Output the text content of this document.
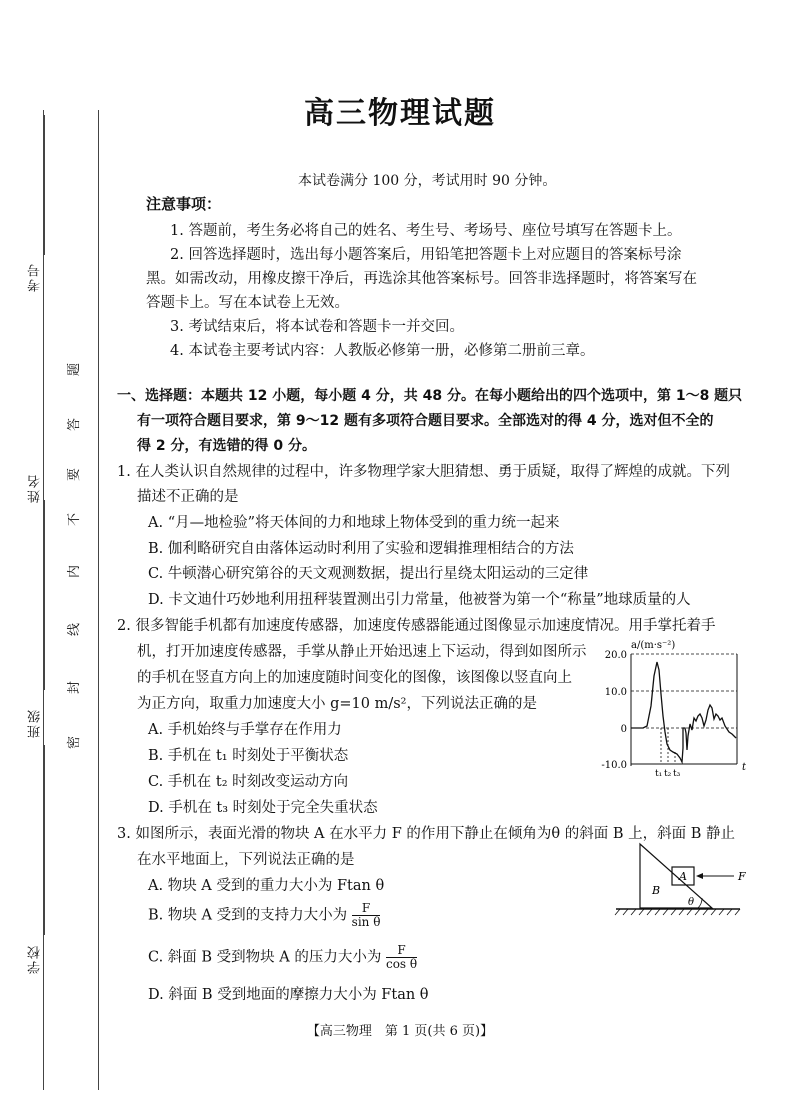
考号
姓名
班级
学校
密
封
线
内
不
要
答
题
高三物理试题
本试卷满分 100 分，考试用时 90 分钟。
注意事项：
1. 答题前，考生务必将自己的姓名、考生号、考场号、座位号填写在答题卡上。
2. 回答选择题时，选出每小题答案后，用铅笔把答题卡上对应题目的答案标号涂
黑。如需改动，用橡皮擦干净后，再选涂其他答案标号。回答非选择题时，将答案写在
答题卡上。写在本试卷上无效。
3. 考试结束后，将本试卷和答题卡一并交回。
4. 本试卷主要考试内容：人教版必修第一册，必修第二册前三章。
一、选择题：本题共 12 小题，每小题 4 分，共 48 分。在每小题给出的四个选项中，第 1～8 题只
有一项符合题目要求，第 9～12 题有多项符合题目要求。全部选对的得 4 分，选对但不全的
得 2 分，有选错的得 0 分。
1. 在人类认识自然规律的过程中，许多物理学家大胆猜想、勇于质疑，取得了辉煌的成就。下列
描述不正确的是
A. “月—地检验”将天体间的力和地球上物体受到的重力统一起来
B. 伽利略研究自由落体运动时利用了实验和逻辑推理相结合的方法
C. 牛顿潜心研究第谷的天文观测数据，提出行星绕太阳运动的三定律
D. 卡文迪什巧妙地利用扭秤装置测出引力常量，他被誉为第一个“称量”地球质量的人
2. 很多智能手机都有加速度传感器，加速度传感器能通过图像显示加速度情况。用手掌托着手
机，打开加速度传感器，手掌从静止开始迅速上下运动，得到如图所示
的手机在竖直方向上的加速度随时间变化的图像，该图像以竖直向上
为正方向，取重力加速度大小 g=10 m/s²，下列说法正确的是
A. 手机始终与手掌存在作用力
B. 手机在 t₁ 时刻处于平衡状态
C. 手机在 t₂ 时刻改变运动方向
D. 手机在 t₃ 时刻处于完全失重状态
a/(m·s⁻²)
20.0
10.0
0
-10.0
t₁ t₂ t₃
t
3. 如图所示，表面光滑的物块 A 在水平力 F 的作用下静止在倾角为θ 的斜面 B 上，斜面 B 静止
在水平地面上，下列说法正确的是
A. 物块 A 受到的重力大小为 Ftan θ
B. 物块 A 受到的支持力大小为 $\frac{F}{\text{sin θ}}$
C. 斜面 B 受到物块 A 的压力大小为 $\frac{F}{\text{cos θ}}$
D. 斜面 B 受到地面的摩擦力大小为 Ftan θ
A
B
F
θ
【高三物理　第 1 页(共 6 页)】
